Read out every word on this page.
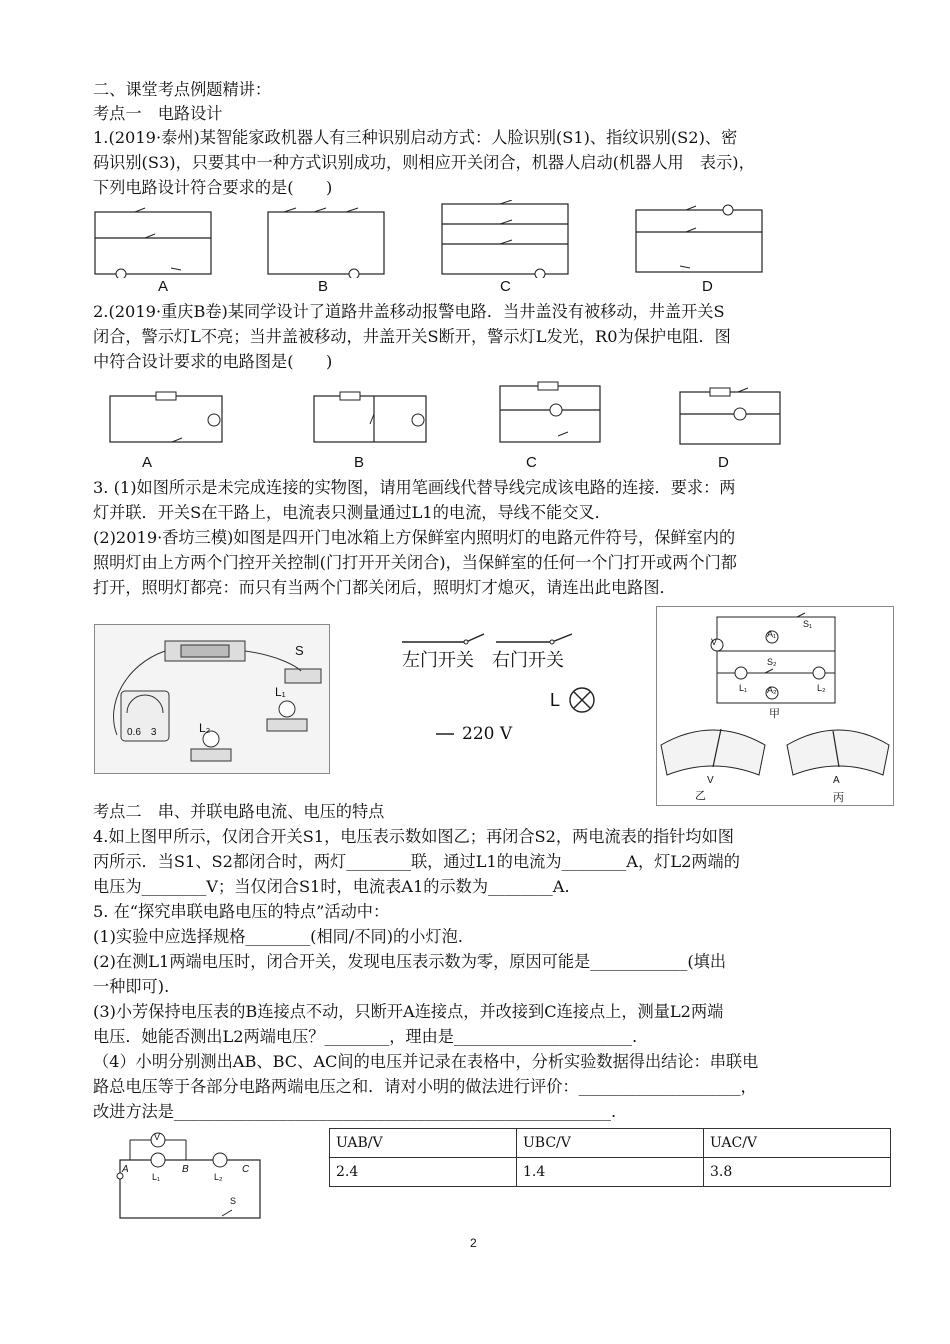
二、课堂考点例题精讲：
考点一　电路设计
1.(2019·泰州)某智能家政机器人有三种识别启动方式：人脸识别(S1)、指纹识别(S2)、密
码识别(S3)，只要其中一种方式识别成功，则相应开关闭合，机器人启动(机器人用　表示)，
下列电路设计符合要求的是(　　)
A	B	C	D
2.(2019·重庆B卷)某同学设计了道路井盖移动报警电路．当井盖没有被移动，井盖开关S
闭合，警示灯L不亮；当井盖被移动，井盖开关S断开，警示灯L发光，R0为保护电阻．图
中符合设计要求的电路图是(　　)
A	B	C	D
3. (1)如图所示是未完成连接的实物图，请用笔画线代替导线完成该电路的连接．要求：两
灯并联．开关S在干路上，电流表只测量通过L1的电流，导线不能交叉．
(2)2019·香坊三模)如图是四开门电冰箱上方保鲜室内照明灯的电路元件符号，保鲜室内的
照明灯由上方两个门控开关控制(门打开开关闭合)，当保鲜室的任何一个门打开或两个门都
打开，照明灯都亮：而只有当两个门都关闭后，照明灯才熄灭，请连出此电路图．
S
L₁
L₂
0.6　3
左门开关 右门开关
L
220 V
V
A₁
A₂
S₁
S₂
L₁	L₂
甲
V	A
乙	丙
考点二　串、并联电路电流、电压的特点
4.如上图甲所示，仅闭合开关S1，电压表示数如图乙；再闭合S2，两电流表的指针均如图
丙所示．当S1、S2都闭合时，两灯________联，通过L1的电流为________A，灯L2两端的
电压为________V；当仅闭合S1时，电流表A1的示数为________A.
5. 在“探究串联电路电压的特点”活动中：
(1)实验中应选择规格________(相同/不同)的小灯泡.
(2)在测L1两端电压时，闭合开关，发现电压表示数为零，原因可能是____________(填出
一种即可).
(3)小芳保持电压表的B连接点不动，只断开A连接点，并改接到C连接点上，测量L2两端
电压．她能否测出L2两端电压？________，理由是______________________.
（4）小明分别测出AB、BC、AC间的电压并记录在表格中，分析实验数据得出结论：串联电
路总电压等于各部分电路两端电压之和．请对小明的做法进行评价：____________________，
改进方法是______________________________________________________.
V
A	B	C
L₁	L₂
S
UAB/V	UBC/V	UAC/V
2.4	1.4	3.8
2
